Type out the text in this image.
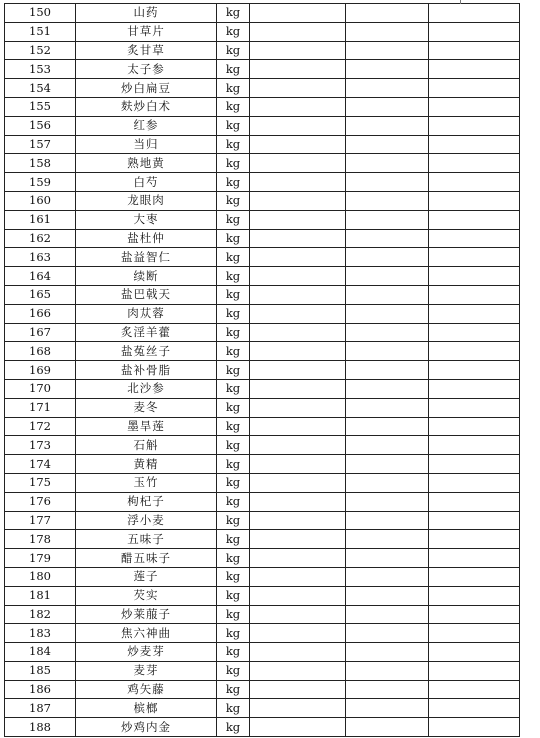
150	山药	kg			
151	甘草片	kg			
152	炙甘草	kg			
153	太子参	kg			
154	炒白扁豆	kg			
155	麸炒白术	kg			
156	红参	kg			
157	当归	kg			
158	熟地黄	kg			
159	白芍	kg			
160	龙眼肉	kg			
161	大枣	kg			
162	盐杜仲	kg			
163	盐益智仁	kg			
164	续断	kg			
165	盐巴戟天	kg			
166	肉苁蓉	kg			
167	炙淫羊藿	kg			
168	盐菟丝子	kg			
169	盐补骨脂	kg			
170	北沙参	kg			
171	麦冬	kg			
172	墨旱莲	kg			
173	石斛	kg			
174	黄精	kg			
175	玉竹	kg			
176	枸杞子	kg			
177	浮小麦	kg			
178	五味子	kg			
179	醋五味子	kg			
180	莲子	kg			
181	芡实	kg			
182	炒莱菔子	kg			
183	焦六神曲	kg			
184	炒麦芽	kg			
185	麦芽	kg			
186	鸡矢藤	kg			
187	槟榔	kg			
188	炒鸡内金	kg			
